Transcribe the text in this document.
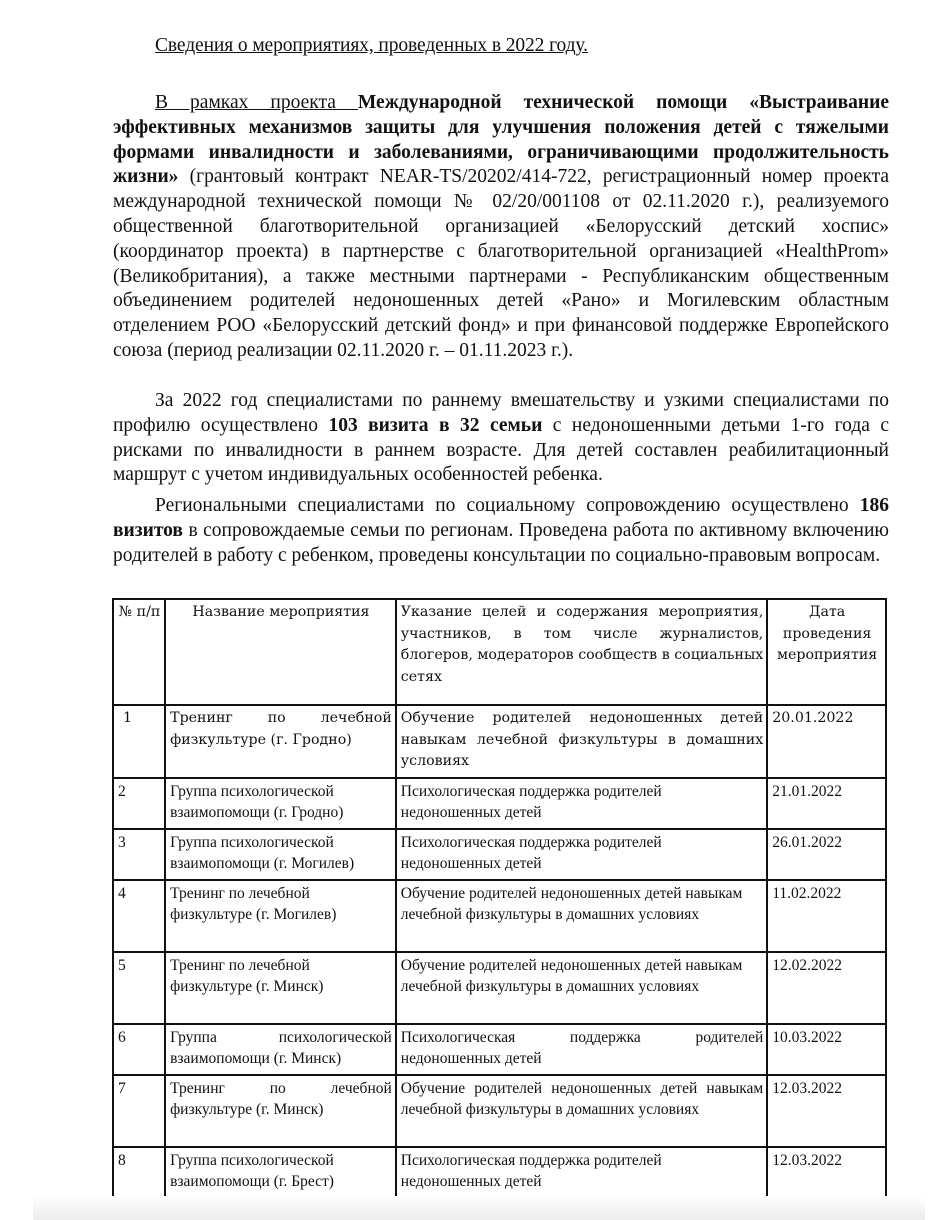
Сведения о мероприятиях, проведенных в 2022 году.

В рамках проекта Международной технической помощи «Выстраивание эффективных механизмов защиты для улучшения положения детей с тяжелыми формами инвалидности и заболеваниями, ограничивающими продолжительность жизни» (грантовый контракт NEAR-TS/20202/414-722, регистрационный номер проекта международной технической помощи № 02/20/001108 от 02.11.2020 г.), реализуемого общественной благотворительной организацией «Белорусский детский хоспис» (координатор проекта) в партнерстве с благотворительной организацией «HealthProm» (Великобритания), а также местными партнерами - Республиканским общественным объединением родителей недоношенных детей «Рано» и Могилевским областным отделением РОО «Белорусский детский фонд» и при финансовой поддержке Европейского союза (период реализации 02.11.2020 г. – 01.11.2023 г.).

За 2022 год специалистами по раннему вмешательству и узкими специалистами по профилю осуществлено 103 визита в 32 семьи с недоношенными детьми 1-го года с рисками по инвалидности в раннем возрасте. Для детей составлен реабилитационный маршрут с учетом индивидуальных особенностей ребенка.

Региональными специалистами по социальному сопровождению осуществлено 186 визитов в сопровождаемые семьи по регионам. Проведена работа по активному включению родителей в работу с ребенком, проведены консультации по социально-правовым вопросам.

№ п/п	Название мероприятия	Указание целей и содержания мероприятия, участников, в том числе журналистов, блогеров, модераторов сообществ в социальных сетях	Дата проведения мероприятия
1	Тренинг по лечебной физкультуре (г. Гродно)	Обучение родителей недоношенных детей навыкам лечебной физкультуры в домашних условиях	20.01.2022
2	Группа психологической взаимопомощи (г. Гродно)	Психологическая поддержка родителей недоношенных детей	21.01.2022
3	Группа психологической взаимопомощи (г. Могилев)	Психологическая поддержка родителей недоношенных детей	26.01.2022
4	Тренинг по лечебной физкультуре (г. Могилев)	Обучение родителей недоношенных детей навыкам лечебной физкультуры в домашних условиях	11.02.2022
5	Тренинг по лечебной физкультуре (г. Минск)	Обучение родителей недоношенных детей навыкам лечебной физкультуры в домашних условиях	12.02.2022
6	Группа психологической взаимопомощи (г. Минск)	Психологическая поддержка родителей недоношенных детей	10.03.2022
7	Тренинг по лечебной физкультуре (г. Минск)	Обучение родителей недоношенных детей навыкам лечебной физкультуры в домашних условиях	12.03.2022
8	Группа психологической взаимопомощи (г. Брест)	Психологическая поддержка родителей недоношенных детей	12.03.2022
